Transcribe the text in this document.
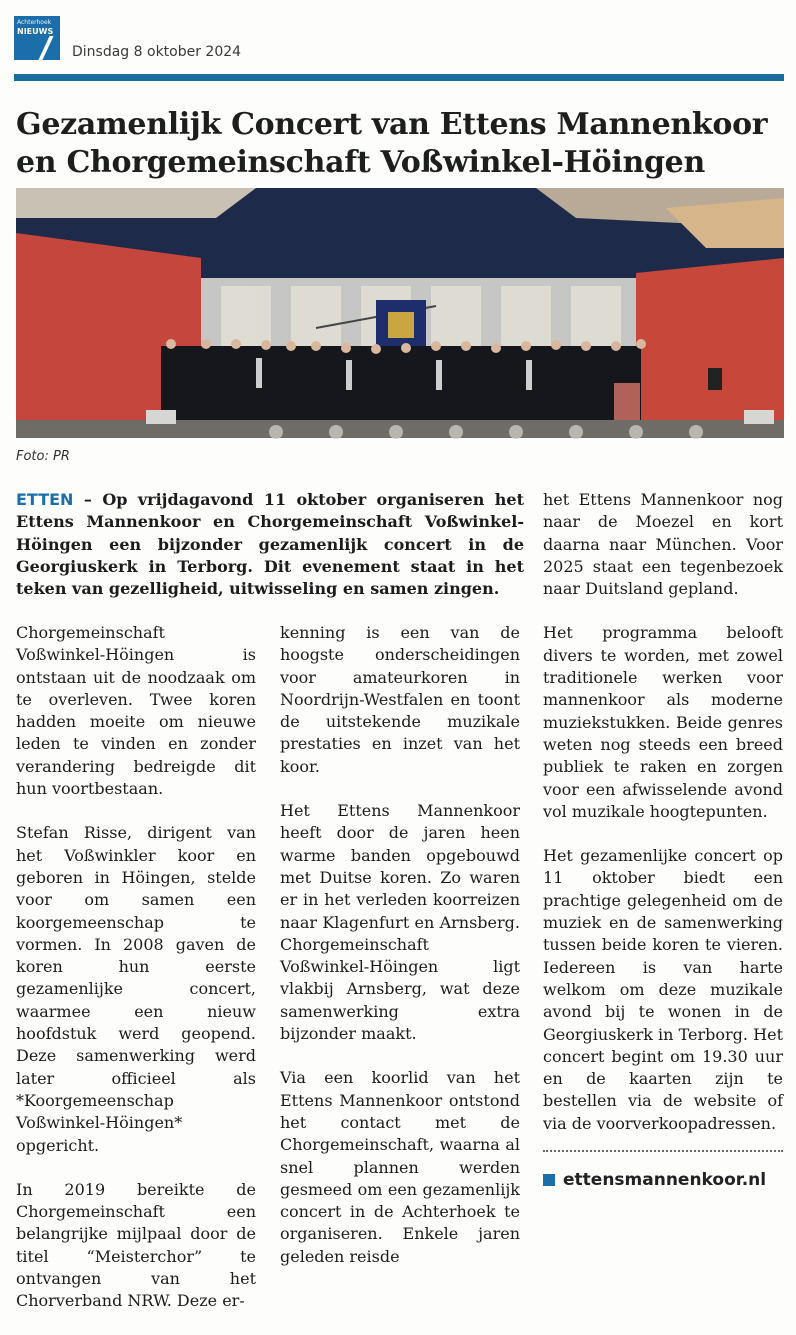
Achterhoek
NIEUWS
Dinsdag 8 oktober 2024
Gezamenlijk Concert van Ettens Mannenkoor en Chorgemeinschaft Voßwinkel-Höingen
Foto: PR
ETTEN – Op vrijdagavond 11 oktober organiseren het Ettens Mannenkoor en Chorgemeinschaft Voßwinkel-Höingen een bijzonder gezamenlijk concert in de Georgiuskerk in Terborg. Dit evenement staat in het teken van gezelligheid, uitwisseling en samen zingen.

Chorgemeinschaft Voßwinkel-Höingen is ontstaan uit de noodzaak om te overleven. Twee koren hadden moeite om nieuwe leden te vinden en zonder verandering bedreigde dit hun voortbestaan.

Stefan Risse, dirigent van het Voßwinkler koor en geboren in Höingen, stelde voor om samen een koorgemeenschap te vormen. In 2008 gaven de koren hun eerste gezamenlijke concert, waarmee een nieuw hoofdstuk werd geopend. Deze samenwerking werd later officieel als *Koorgemeenschap Voßwinkel-Höingen* opgericht.

In 2019 bereikte de Chorgemeinschaft een belangrijke mijlpaal door de titel “Meisterchor” te ontvangen van het Chorverband NRW. Deze er-

kenning is een van de hoogste onderscheidingen voor amateurkoren in Noordrijn-Westfalen en toont de uitstekende muzikale prestaties en inzet van het koor.

Het Ettens Mannenkoor heeft door de jaren heen warme banden opgebouwd met Duitse koren. Zo waren er in het verleden koorreizen naar Klagenfurt en Arnsberg. Chorgemeinschaft Voßwinkel-Höingen ligt vlakbij Arnsberg, wat deze samenwerking extra bijzonder maakt.

Via een koorlid van het Ettens Mannenkoor ontstond het contact met de Chorgemeinschaft, waarna al snel plannen werden gesmeed om een gezamenlijk concert in de Achterhoek te organiseren. Enkele jaren geleden reisde

het Ettens Mannenkoor nog naar de Moezel en kort daarna naar München. Voor 2025 staat een tegenbezoek naar Duitsland gepland.

Het programma belooft divers te worden, met zowel traditionele werken voor mannenkoor als moderne muziekstukken. Beide genres weten nog steeds een breed publiek te raken en zorgen voor een afwisselende avond vol muzikale hoogtepunten.

Het gezamenlijke concert op 11 oktober biedt een prachtige gelegenheid om de muziek en de samenwerking tussen beide koren te vieren. Iedereen is van harte welkom om deze muzikale avond bij te wonen in de Georgiuskerk in Terborg. Het concert begint om 19.30 uur en de kaarten zijn te bestellen via de website of via de voorverkoopadressen.

ettensmannenkoor.nl
